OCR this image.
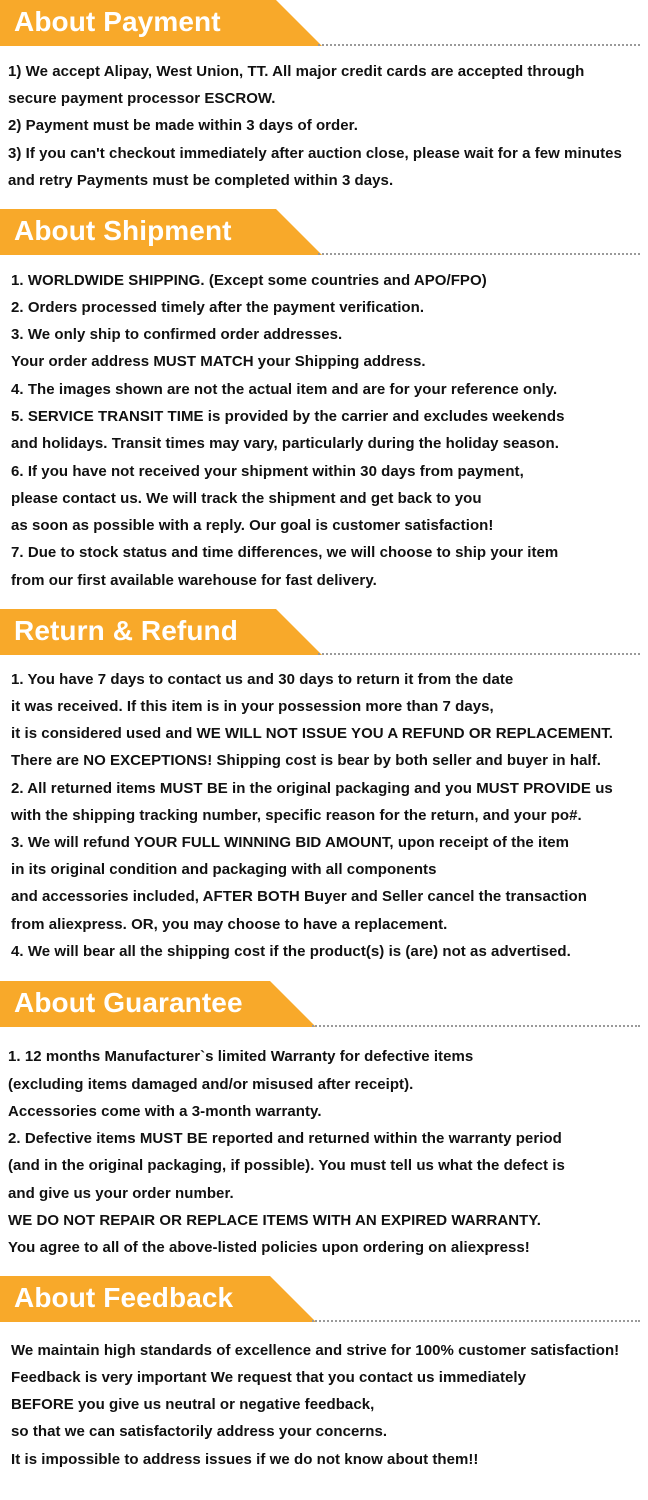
About Payment
1) We accept Alipay, West Union, TT. All major credit cards are accepted through
secure payment processor ESCROW.
2) Payment must be made within 3 days of order.
3) If you can't checkout immediately after auction close, please wait for a few minutes
and retry Payments must be completed within 3 days.
About Shipment
1. WORLDWIDE SHIPPING. (Except some countries and APO/FPO)
2. Orders processed timely after the payment verification.
3. We only ship to confirmed order addresses.
Your order address MUST MATCH your Shipping address.
4. The images shown are not the actual item and are for your reference only.
5. SERVICE TRANSIT TIME is provided by the carrier and excludes weekends
and holidays. Transit times may vary, particularly during the holiday season.
6. If you have not received your shipment within 30 days from payment,
please contact us. We will track the shipment and get back to you
as soon as possible with a reply. Our goal is customer satisfaction!
7. Due to stock status and time differences, we will choose to ship your item
from our first available warehouse for fast delivery.
Return & Refund
1. You have 7 days to contact us and 30 days to return it from the date
it was received. If this item is in your possession more than 7 days,
it is considered used and WE WILL NOT ISSUE YOU A REFUND OR REPLACEMENT.
There are NO EXCEPTIONS! Shipping cost is bear by both seller and buyer in half.
2. All returned items MUST BE in the original packaging and you MUST PROVIDE us
with the shipping tracking number, specific reason for the return, and your po#.
3. We will refund YOUR FULL WINNING BID AMOUNT, upon receipt of the item
in its original condition and packaging with all components
and accessories included, AFTER BOTH Buyer and Seller cancel the transaction
from aliexpress. OR, you may choose to have a replacement.
4. We will bear all the shipping cost if the product(s) is (are) not as advertised.
About Guarantee
1. 12 months Manufacturer`s limited Warranty for defective items
(excluding items damaged and/or misused after receipt).
Accessories come with a 3-month warranty.
2. Defective items MUST BE reported and returned within the warranty period
(and in the original packaging, if possible). You must tell us what the defect is
and give us your order number.
WE DO NOT REPAIR OR REPLACE ITEMS WITH AN EXPIRED WARRANTY.
You agree to all of the above-listed policies upon ordering on aliexpress!
About Feedback
We maintain high standards of excellence and strive for 100% customer satisfaction!
Feedback is very important We request that you contact us immediately
BEFORE you give us neutral or negative feedback,
so that we can satisfactorily address your concerns.
It is impossible to address issues if we do not know about them!!
